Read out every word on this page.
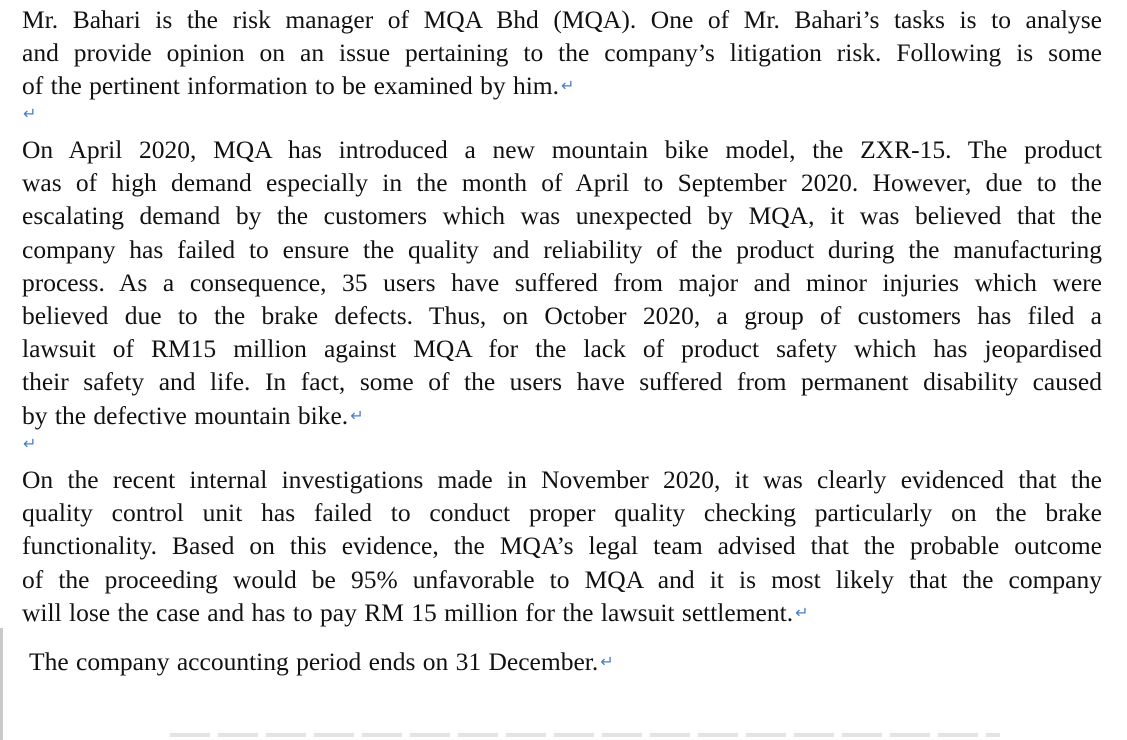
Mr. Bahari is the risk manager of MQA Bhd (MQA). One of Mr. Bahari’s tasks is to analyse
and provide opinion on an issue pertaining to the company’s litigation risk. Following is some
of the pertinent information to be examined by him. ↵

↵

On April 2020, MQA has introduced a new mountain bike model, the ZXR-15. The product
was of high demand especially in the month of April to September 2020. However, due to the
escalating demand by the customers which was unexpected by MQA, it was believed that the
company has failed to ensure the quality and reliability of the product during the manufacturing
process. As a consequence, 35 users have suffered from major and minor injuries which were
believed due to the brake defects. Thus, on October 2020, a group of customers has filed a
lawsuit of RM15 million against MQA for the lack of product safety which has jeopardised
their safety and life. In fact, some of the users have suffered from permanent disability caused
by the defective mountain bike. ↵

↵

On the recent internal investigations made in November 2020, it was clearly evidenced that the
quality control unit has failed to conduct proper quality checking particularly on the brake
functionality. Based on this evidence, the MQA’s legal team advised that the probable outcome
of the proceeding would be 95% unfavorable to MQA and it is most likely that the company
will lose the case and has to pay RM 15 million for the lawsuit settlement. ↵

The company accounting period ends on 31 December. ↵
